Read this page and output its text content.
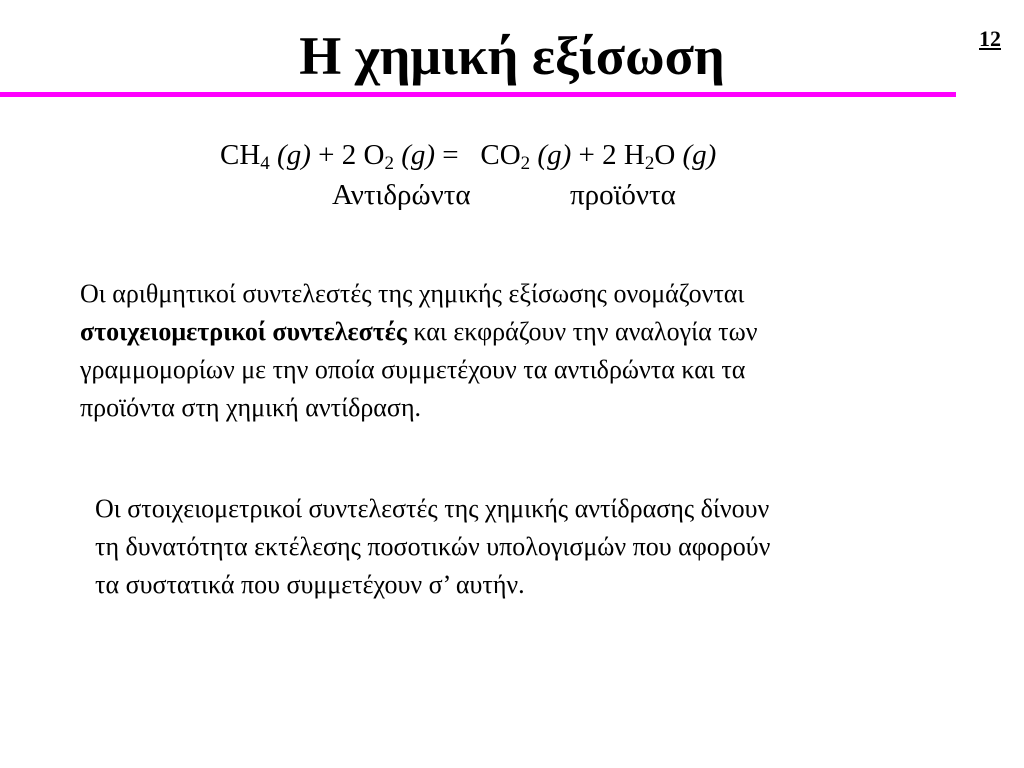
Η χημική εξίσωση	12
$CH_4$ (g) + 2 $O_2$ $(g) = CO_2$ (g) + 2 $H_2O$ (g)
Αντιδρώντα	προϊόντα
Οι αριθμητικοί συντελεστές της χημικής εξίσωσης ονομάζονται
στοιχειομετρικοί συντελεστές και εκφράζουν την αναλογία των
γραμμομορίων με την οποία συμμετέχουν τα αντιδρώντα και τα
προϊόντα στη χημική αντίδραση.
Οι στοιχειομετρικοί συντελεστές της χημικής αντίδρασης δίνουν
τη δυνατότητα εκτέλεσης ποσοτικών υπολογισμών που αφορούν
τα συστατικά που συμμετέχουν σ’ αυτήν.
